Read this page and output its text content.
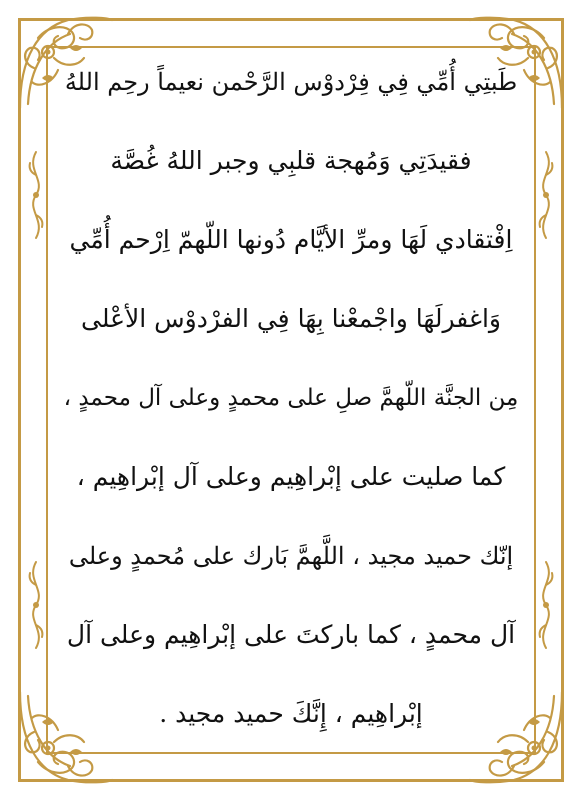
طَبتِي أُمِّي فِي فِرْدوْس الرَّحْمن نعيماً رحِم اللهُ
فقيدَتِي وَمُهجة قلبِي وجبر اللهُ غُصَّة
اِفْتقادي لَهَا ومرِّ الأيَّام دُونها اللّهمّ اِرْحم أُمِّي
وَاغفرلَهَا واجْمعْنا بِهَا فِي الفرْدوْس الأعْلى
مِن الجنَّة اللّهمَّ صلِ على محمدٍ وعلى آل محمدٍ ،
كما صليت على إبْراهِيم وعلى آل إبْراهِيم ،
إنّك حميد مجيد ، اللَّهمَّ بَارك على مُحمدٍ وعلى
آل محمدٍ ، كما باركتَ على إبْراهِيم وعلى آل
إبْراهِيم ، إِنَّكَ حميد مجيد .
